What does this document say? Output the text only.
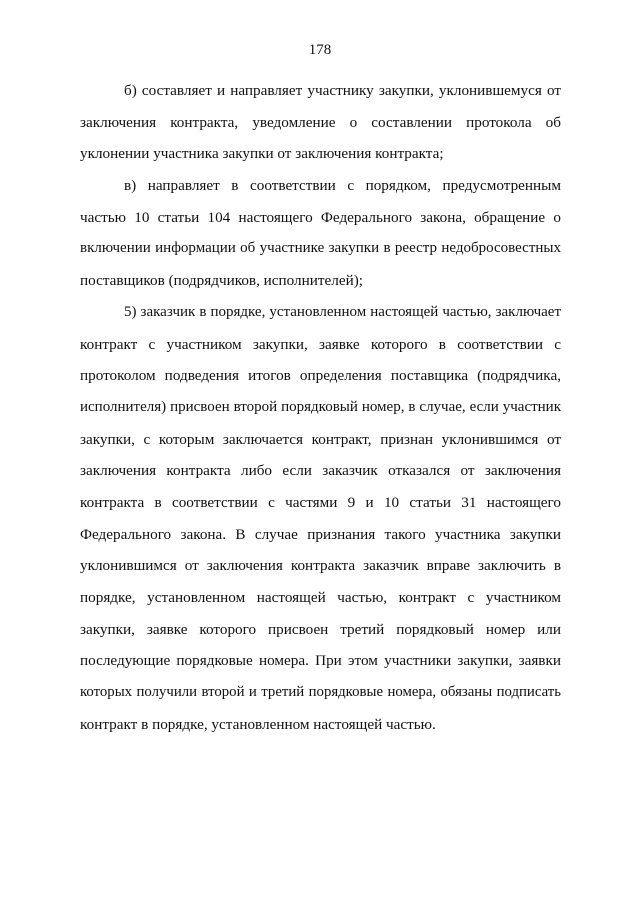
178
б) составляет и направляет участнику закупки, уклонившемуся от
заключения контракта, уведомление о составлении протокола об
уклонении участника закупки от заключения контракта;
в) направляет в соответствии с порядком, предусмотренным
частью 10 статьи 104 настоящего Федерального закона, обращение о
включении информации об участнике закупки в реестр недобросовестных
поставщиков (подрядчиков, исполнителей);
5) заказчик в порядке, установленном настоящей частью, заключает
контракт с участником закупки, заявке которого в соответствии с
протоколом подведения итогов определения поставщика (подрядчика,
исполнителя) присвоен второй порядковый номер, в случае, если участник
закупки, с которым заключается контракт, признан уклонившимся от
заключения контракта либо если заказчик отказался от заключения
контракта в соответствии с частями 9 и 10 статьи 31 настоящего
Федерального закона. В случае признания такого участника закупки
уклонившимся от заключения контракта заказчик вправе заключить в
порядке, установленном настоящей частью, контракт с участником
закупки, заявке которого присвоен третий порядковый номер или
последующие порядковые номера. При этом участники закупки, заявки
которых получили второй и третий порядковые номера, обязаны подписать
контракт в порядке, установленном настоящей частью.
